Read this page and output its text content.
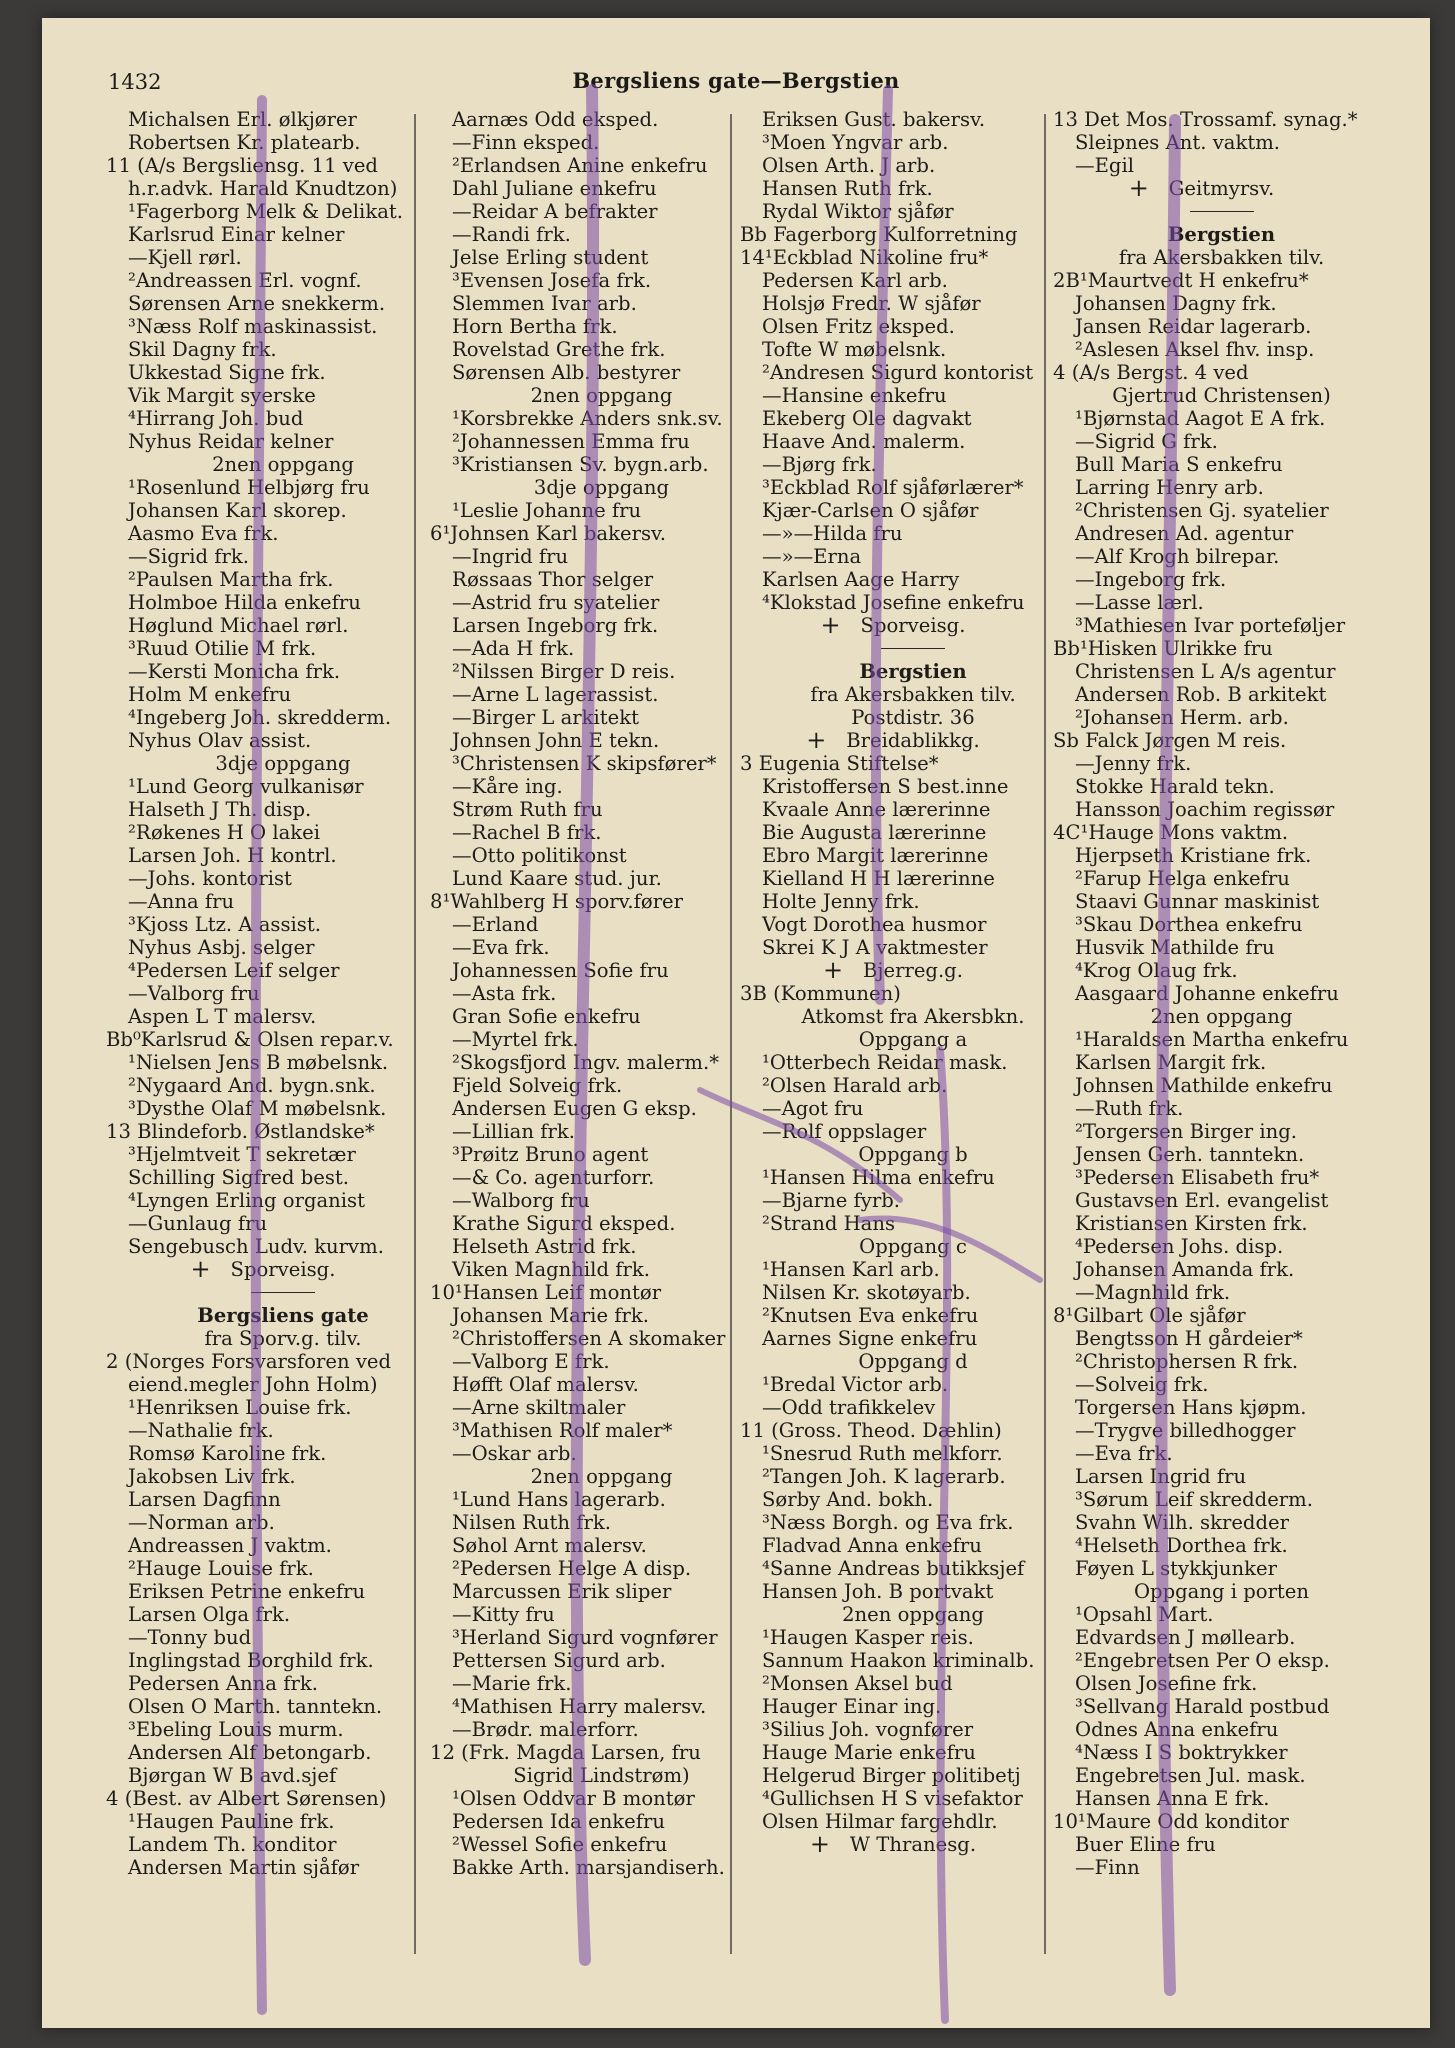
1432	Bergsliens gate—Bergstien
Michalsen Erl. ølkjører
Robertsen Kr. platearb.
11 (A/s Bergsliensg. 11 ved
h.r.advk. Harald Knudtzon)
¹Fagerborg Melk & Delikat.
Karlsrud Einar kelner
—Kjell rørl.
²Andreassen Erl. vognf.
Sørensen Arne snekkerm.
³Næss Rolf maskinassist.
Skil Dagny frk.
Ukkestad Signe frk.
Vik Margit syerske
⁴Hirrang Joh. bud
Nyhus Reidar kelner
2nen oppgang
¹Rosenlund Helbjørg fru
Johansen Karl skorep.
Aasmo Eva frk.
—Sigrid frk.
²Paulsen Martha frk.
Holmboe Hilda enkefru
Høglund Michael rørl.
³Ruud Otilie M frk.
—Kersti Monicha frk.
Holm M enkefru
⁴Ingeberg Joh. skredderm.
Nyhus Olav assist.
3dje oppgang
¹Lund Georg vulkanisør
Halseth J Th. disp.
²Røkenes H O lakei
Larsen Joh. H kontrl.
—Johs. kontorist
—Anna fru
³Kjoss Ltz. A assist.
Nyhus Asbj. selger
⁴Pedersen Leif selger
—Valborg fru
Aspen L T malersv.
Bb⁰Karlsrud & Olsen repar.v.
¹Nielsen Jens B møbelsnk.
²Nygaard And. bygn.snk.
³Dysthe Olaf M møbelsnk.
13 Blindeforb. Østlandske*
³Hjelmtveit T sekretær
Schilling Sigfred best.
⁴Lyngen Erling organist
—Gunlaug fru
Sengebusch Ludv. kurvm.
+ Sporveisg.
Bergsliens gate
fra Sporv.g. tilv.
2 (Norges Forsvarsforen ved
eiend.megler John Holm)
¹Henriksen Louise frk.
—Nathalie frk.
Romsø Karoline frk.
Jakobsen Liv frk.
Larsen Dagfinn
—Norman arb.
Andreassen J vaktm.
²Hauge Louise frk.
Eriksen Petrine enkefru
Larsen Olga frk.
—Tonny bud
Inglingstad Borghild frk.
Pedersen Anna frk.
Olsen O Marth. tanntekn.
³Ebeling Louis murm.
Andersen Alf betongarb.
Bjørgan W B avd.sjef
4 (Best. av Albert Sørensen)
¹Haugen Pauline frk.
Landem Th. konditor
Andersen Martin sjåfør
Aarnæs Odd eksped.
—Finn eksped.
²Erlandsen Anine enkefru
Dahl Juliane enkefru
—Reidar A befrakter
—Randi frk.
Jelse Erling student
³Evensen Josefa frk.
Slemmen Ivar arb.
Horn Bertha frk.
Rovelstad Grethe frk.
Sørensen Alb. bestyrer
2nen oppgang
¹Korsbrekke Anders snk.sv.
²Johannessen Emma fru
³Kristiansen Sv. bygn.arb.
3dje oppgang
¹Leslie Johanne fru
6¹Johnsen Karl bakersv.
—Ingrid fru
Røssaas Thor selger
—Astrid fru syatelier
Larsen Ingeborg frk.
—Ada H frk.
²Nilssen Birger D reis.
—Arne L lagerassist.
—Birger L arkitekt
Johnsen John E tekn.
³Christensen K skipsfører*
—Kåre ing.
Strøm Ruth fru
—Rachel B frk.
—Otto politikonst
Lund Kaare stud. jur.
8¹Wahlberg H sporv.fører
—Erland
—Eva frk.
Johannessen Sofie fru
—Asta frk.
Gran Sofie enkefru
—Myrtel frk.
²Skogsfjord Ingv. malerm.*
Fjeld Solveig frk.
Andersen Eugen G eksp.
—Lillian frk.
³Prøitz Bruno agent
—& Co. agenturforr.
—Walborg fru
Krathe Sigurd eksped.
Helseth Astrid frk.
Viken Magnhild frk.
10¹Hansen Leif montør
Johansen Marie frk.
²Christoffersen A skomaker
—Valborg E frk.
Høfft Olaf malersv.
—Arne skiltmaler
³Mathisen Rolf maler*
—Oskar arb.
2nen oppgang
¹Lund Hans lagerarb.
Nilsen Ruth frk.
Søhol Arnt malersv.
²Pedersen Helge A disp.
Marcussen Erik sliper
—Kitty fru
³Herland Sigurd vognfører
Pettersen Sigurd arb.
—Marie frk.
⁴Mathisen Harry malersv.
—Brødr. malerforr.
12 (Frk. Magda Larsen, fru
Sigrid Lindstrøm)
¹Olsen Oddvar B montør
Pedersen Ida enkefru
²Wessel Sofie enkefru
Bakke Arth. marsjandiserh.
Eriksen Gust. bakersv.
³Moen Yngvar arb.
Olsen Arth. J arb.
Hansen Ruth frk.
Rydal Wiktor sjåfør
Bb Fagerborg Kulforretning
14¹Eckblad Nikoline fru*
Pedersen Karl arb.
Holsjø Fredr. W sjåfør
Olsen Fritz eksped.
Tofte W møbelsnk.
²Andresen Sigurd kontorist
—Hansine enkefru
Ekeberg Ole dagvakt
Haave And. malerm.
—Bjørg frk.
³Eckblad Rolf sjåførlærer*
Kjær-Carlsen O sjåfør
—»—Hilda fru
—»—Erna
Karlsen Aage Harry
⁴Klokstad Josefine enkefru
+ Sporveisg.
Bergstien
fra Akersbakken tilv.
Postdistr. 36
+ Breidablikkg.
3 Eugenia Stiftelse*
Kristoffersen S best.inne
Kvaale Anne lærerinne
Bie Augusta lærerinne
Ebro Margit lærerinne
Kielland H H lærerinne
Holte Jenny frk.
Vogt Dorothea husmor
Skrei K J A vaktmester
+ Bjerreg.g.
3B (Kommunen)
Atkomst fra Akersbkn.
Oppgang a
¹Otterbech Reidar mask.
²Olsen Harald arb.
—Agot fru
—Rolf oppslager
Oppgang b
¹Hansen Hilma enkefru
—Bjarne fyrb.
²Strand Hans
Oppgang c
¹Hansen Karl arb.
Nilsen Kr. skotøyarb.
²Knutsen Eva enkefru
Aarnes Signe enkefru
Oppgang d
¹Bredal Victor arb.
—Odd trafikkelev
11 (Gross. Theod. Dæhlin)
¹Snesrud Ruth melkforr.
²Tangen Joh. K lagerarb.
Sørby And. bokh.
³Næss Borgh. og Eva frk.
Fladvad Anna enkefru
⁴Sanne Andreas butikksjef
Hansen Joh. B portvakt
2nen oppgang
¹Haugen Kasper reis.
Sannum Haakon kriminalb.
²Monsen Aksel bud
Hauger Einar ing.
³Silius Joh. vognfører
Hauge Marie enkefru
Helgerud Birger politibetj
⁴Gullichsen H S visefaktor
Olsen Hilmar fargehdlr.
+ W Thranesg.
13 Det Mos. Trossamf. synag.*
Sleipnes Ant. vaktm.
—Egil
+ Geitmyrsv.
Bergstien
fra Akersbakken tilv.
2B¹Maurtvedt H enkefru*
Johansen Dagny frk.
Jansen Reidar lagerarb.
²Aslesen Aksel fhv. insp.
4 (A/s Bergst. 4 ved
Gjertrud Christensen)
¹Bjørnstad Aagot E A frk.
—Sigrid G frk.
Bull Maria S enkefru
Larring Henry arb.
²Christensen Gj. syatelier
Andresen Ad. agentur
—Alf Krogh bilrepar.
—Ingeborg frk.
—Lasse lærl.
³Mathiesen Ivar porteføljer
Bb¹Hisken Ulrikke fru
Christensen L A/s agentur
Andersen Rob. B arkitekt
²Johansen Herm. arb.
Sb Falck Jørgen M reis.
—Jenny frk.
Stokke Harald tekn.
Hansson Joachim regissør
4C¹Hauge Mons vaktm.
Hjerpseth Kristiane frk.
²Farup Helga enkefru
Staavi Gunnar maskinist
³Skau Dorthea enkefru
Husvik Mathilde fru
⁴Krog Olaug frk.
Aasgaard Johanne enkefru
2nen oppgang
¹Haraldsen Martha enkefru
Karlsen Margit frk.
Johnsen Mathilde enkefru
—Ruth frk.
²Torgersen Birger ing.
Jensen Gerh. tanntekn.
³Pedersen Elisabeth fru*
Gustavsen Erl. evangelist
Kristiansen Kirsten frk.
⁴Pedersen Johs. disp.
Johansen Amanda frk.
—Magnhild frk.
8¹Gilbart Ole sjåfør
Bengtsson H gårdeier*
²Christophersen R frk.
—Solveig frk.
Torgersen Hans kjøpm.
—Trygve billedhogger
—Eva frk.
Larsen Ingrid fru
³Sørum Leif skredderm.
Svahn Wilh. skredder
⁴Helseth Dorthea frk.
Føyen L stykkjunker
Oppgang i porten
¹Opsahl Mart.
Edvardsen J møllearb.
²Engebretsen Per O eksp.
Olsen Josefine frk.
³Sellvang Harald postbud
Odnes Anna enkefru
⁴Næss I S boktrykker
Engebretsen Jul. mask.
Hansen Anna E frk.
10¹Maure Odd konditor
Buer Eline fru
—Finn
